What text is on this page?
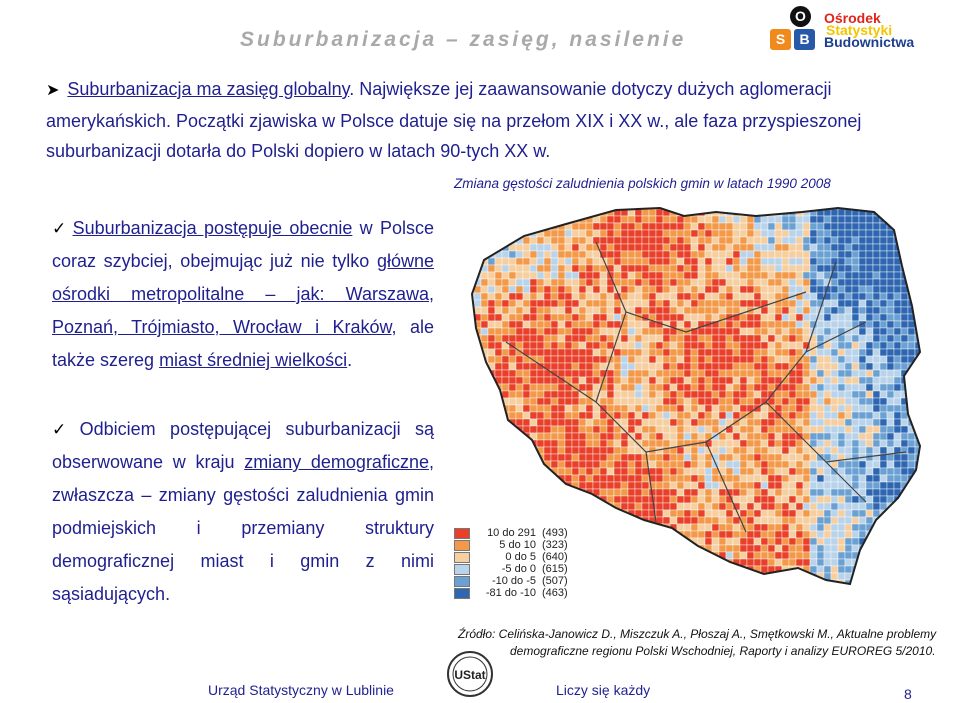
Suburbanizacja – zasięg, nasilenie
O
S	B
Ośrodek
Statystyki
Budownictwa
➤ Suburbanizacja ma zasięg globalny. Największe jej zaawansowanie dotyczy dużych aglomeracji amerykańskich. Początki zjawiska w Polsce datuje się na przełom XIX i XX w., ale faza przyspieszonej suburbanizacji dotarła do Polski dopiero w latach 90-tych XX w.
✓ Suburbanizacja postępuje obecnie w Polsce coraz szybciej, obejmując już nie tylko główne ośrodki metropolitalne – jak: Warszawa, Poznań, Trójmiasto, Wrocław i Kraków, ale także szereg miast średniej wielkości.
✓ Odbiciem postępującej suburbanizacji są obserwowane w kraju zmiany demograficzne, zwłaszcza – zmiany gęstości zaludnienia gmin podmiejskich i przemiany struktury demograficznej miast i gmin z nimi sąsiadujących.
Zmiana gęstości zaludnienia polskich gmin w latach 1990 2008
10 do 291 (493)
5 do 10 (323)
0 do 5 (640)
-5 do 0 (615)
-10 do -5 (507)
-81 do -10 (463)
Źródło: Celińska-Janowicz D., Miszczuk A., Płoszaj A., Smętkowski M., Aktualne problemy
demograficzne regionu Polski Wschodniej, Raporty i analizy EUROREG 5/2010.
UStat
Urząd Statystyczny w Lublinie	Liczy się każdy	8
